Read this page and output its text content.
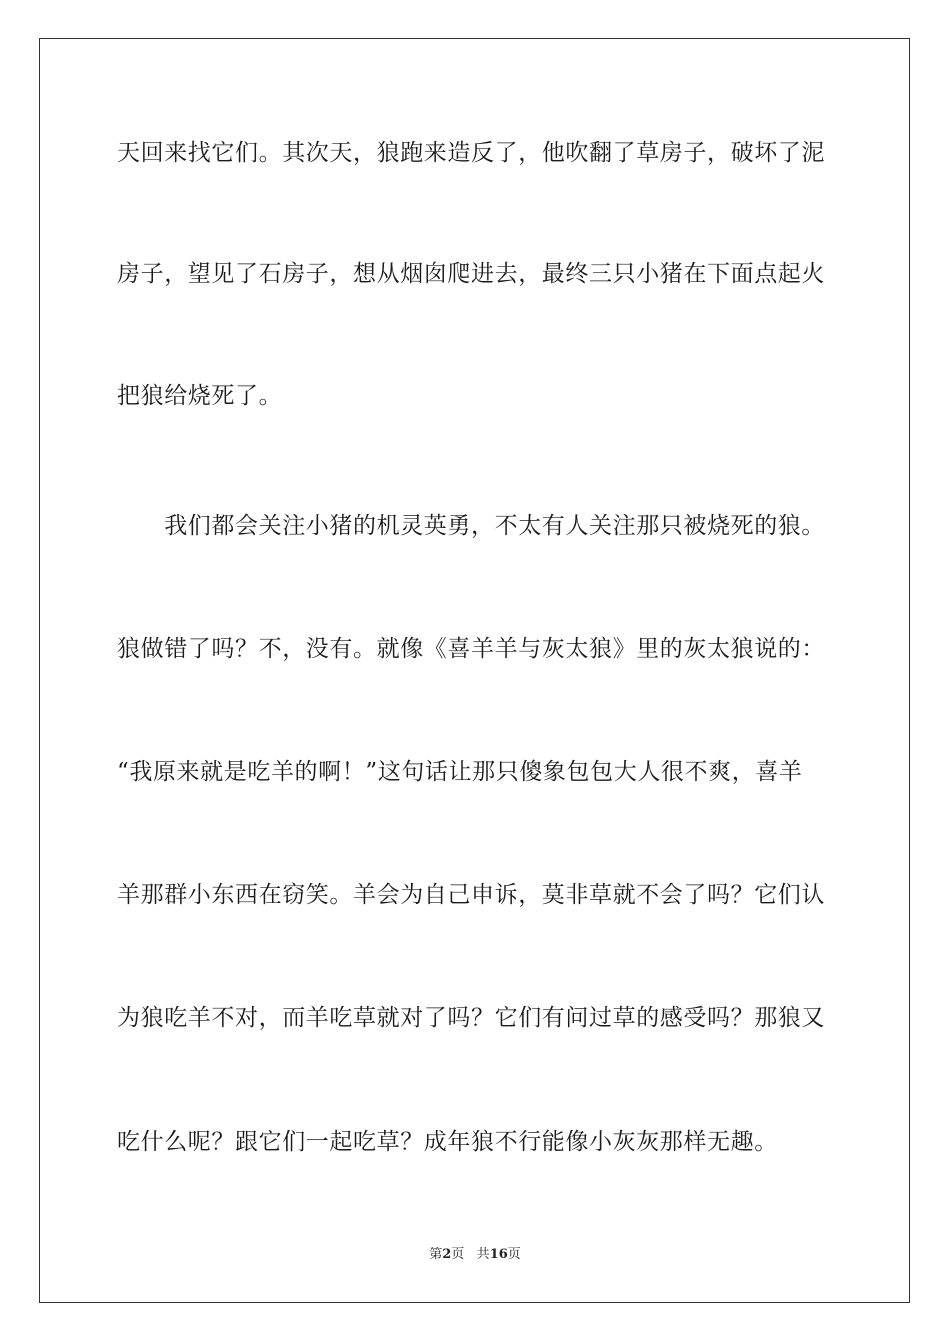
天回来找它们。其次天，狼跑来造反了，他吹翻了草房子，破坏了泥
房子，望见了石房子，想从烟囱爬进去，最终三只小猪在下面点起火
把狼给烧死了。
　　我们都会关注小猪的机灵英勇，不太有人关注那只被烧死的狼。
狼做错了吗？不，没有。就像《喜羊羊与灰太狼》里的灰太狼说的：
“我原来就是吃羊的啊！”这句话让那只傻象包包大人很不爽，喜羊
羊那群小东西在窃笑。羊会为自己申诉，莫非草就不会了吗？它们认
为狼吃羊不对，而羊吃草就对了吗？它们有问过草的感受吗？那狼又
吃什么呢？跟它们一起吃草？成年狼不行能像小灰灰那样无趣。
第2页 共16页
